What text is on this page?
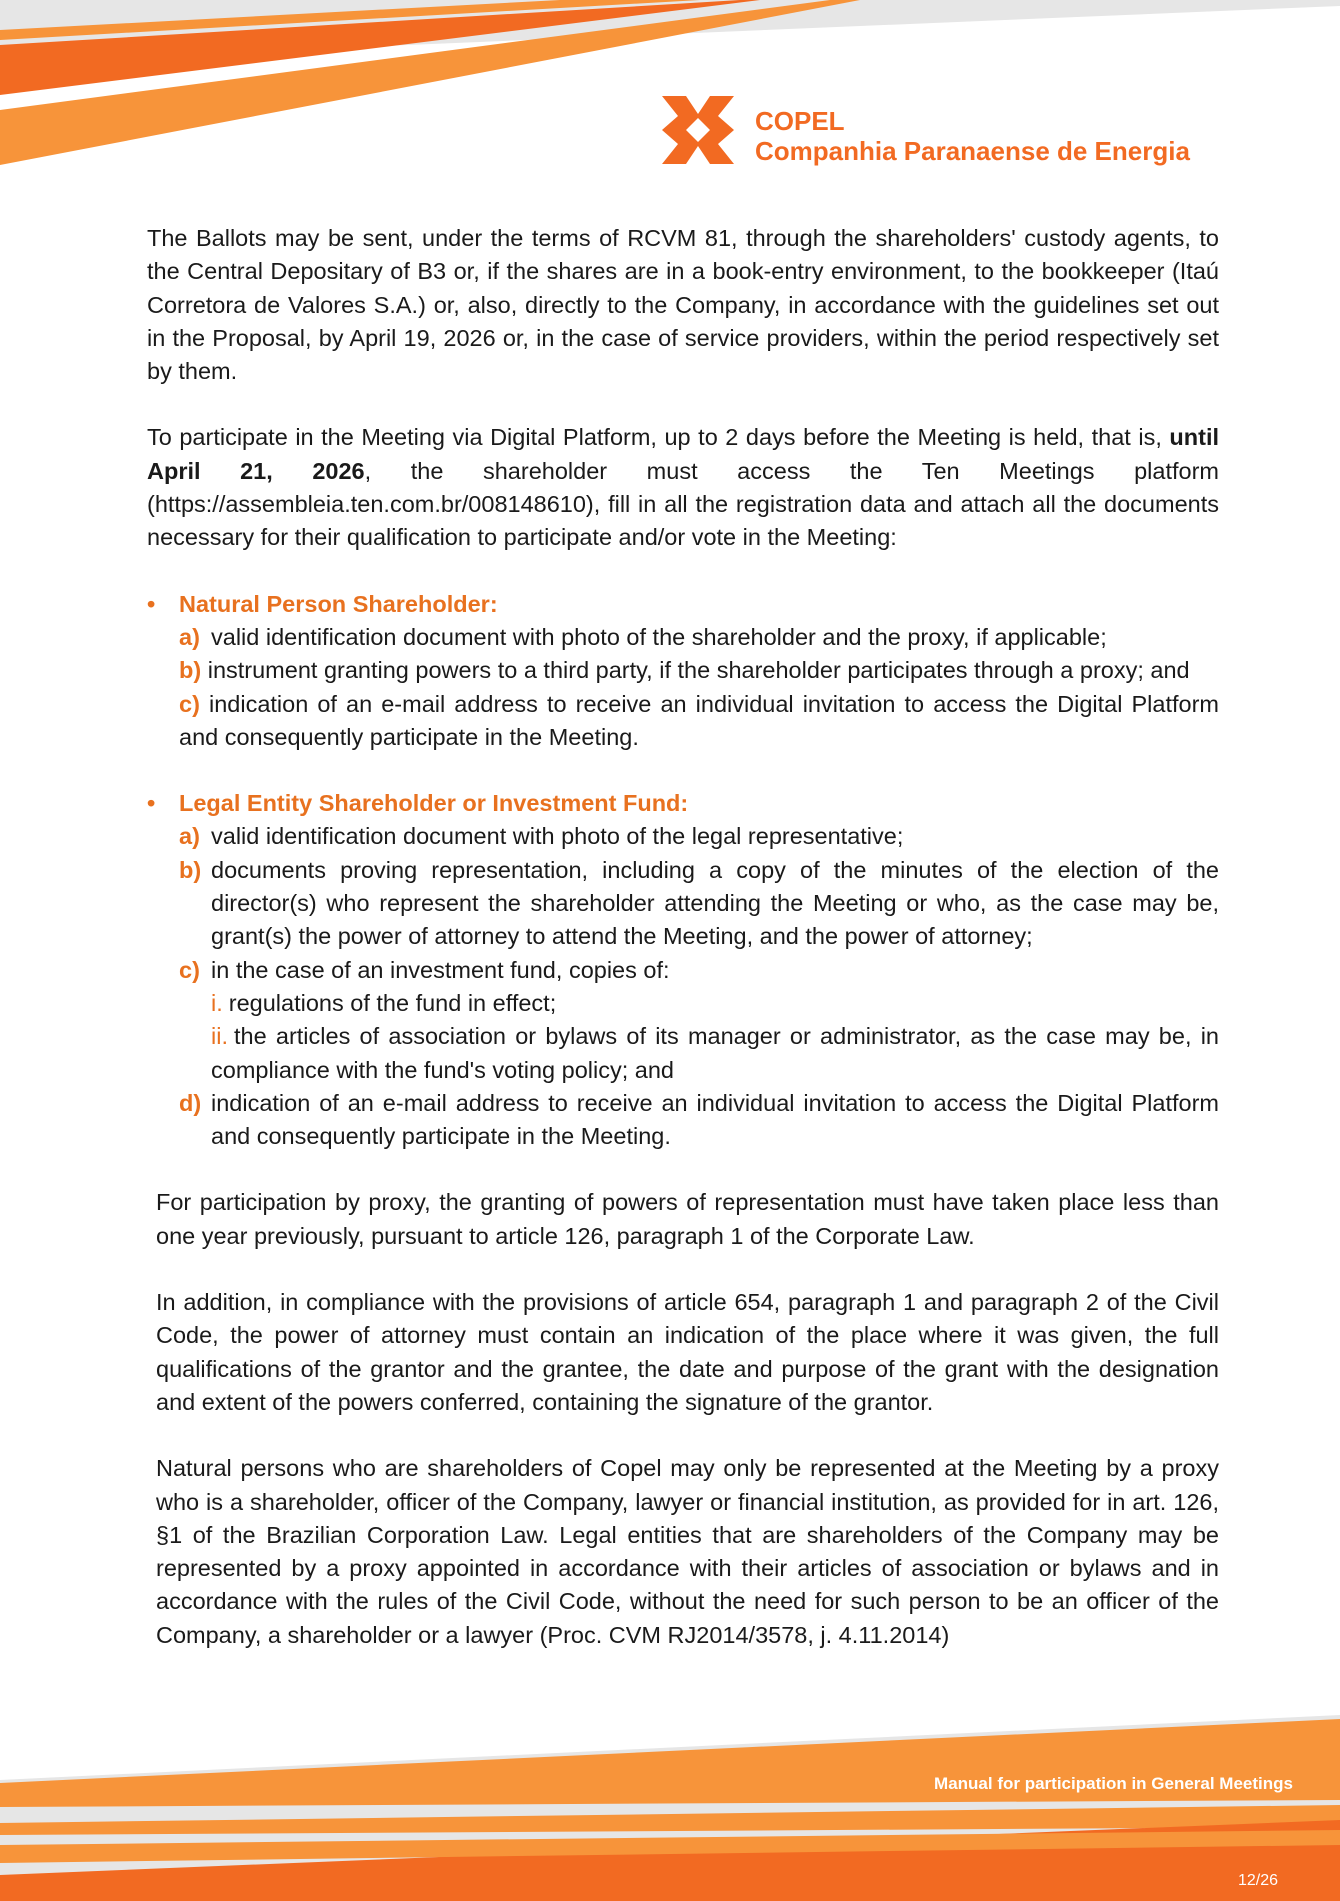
COPEL
Companhia Paranaense de Energia

The Ballots may be sent, under the terms of RCVM 81, through the shareholders' custody agents, to the Central Depositary of B3 or, if the shares are in a book-entry environment, to the bookkeeper (Itaú Corretora de Valores S.A.) or, also, directly to the Company, in accordance with the guidelines set out in the Proposal, by April 19, 2026 or, in the case of service providers, within the period respectively set by them.

To participate in the Meeting via Digital Platform, up to 2 days before the Meeting is held, that is, until April 21, 2026, the shareholder must access the Ten Meetings platform (https://assembleia.ten.com.br/008148610), fill in all the registration data and attach all the documents necessary for their qualification to participate and/or vote in the Meeting:

• Natural Person Shareholder:
a) valid identification document with photo of the shareholder and the proxy, if applicable;
b) instrument granting powers to a third party, if the shareholder participates through a proxy; and
c) indication of an e-mail address to receive an individual invitation to access the Digital Platform and consequently participate in the Meeting.
• Legal Entity Shareholder or Investment Fund:
a) valid identification document with photo of the legal representative;
b) documents proving representation, including a copy of the minutes of the election of the director(s) who represent the shareholder attending the Meeting or who, as the case may be, grant(s) the power of attorney to attend the Meeting, and the power of attorney;
c) in the case of an investment fund, copies of:
i. regulations of the fund in effect;
ii. the articles of association or bylaws of its manager or administrator, as the case may be, in compliance with the fund's voting policy; and
d) indication of an e-mail address to receive an individual invitation to access the Digital Platform and consequently participate in the Meeting.

For participation by proxy, the granting of powers of representation must have taken place less than one year previously, pursuant to article 126, paragraph 1 of the Corporate Law.

In addition, in compliance with the provisions of article 654, paragraph 1 and paragraph 2 of the Civil Code, the power of attorney must contain an indication of the place where it was given, the full qualifications of the grantor and the grantee, the date and purpose of the grant with the designation and extent of the powers conferred, containing the signature of the grantor.

Natural persons who are shareholders of Copel may only be represented at the Meeting by a proxy who is a shareholder, officer of the Company, lawyer or financial institution, as provided for in art. 126, §1 of the Brazilian Corporation Law. Legal entities that are shareholders of the Company may be represented by a proxy appointed in accordance with their articles of association or bylaws and in accordance with the rules of the Civil Code, without the need for such person to be an officer of the Company, a shareholder or a lawyer (Proc. CVM RJ2014/3578, j. 4.11.2014)

Manual for participation in General Meetings
12/26
